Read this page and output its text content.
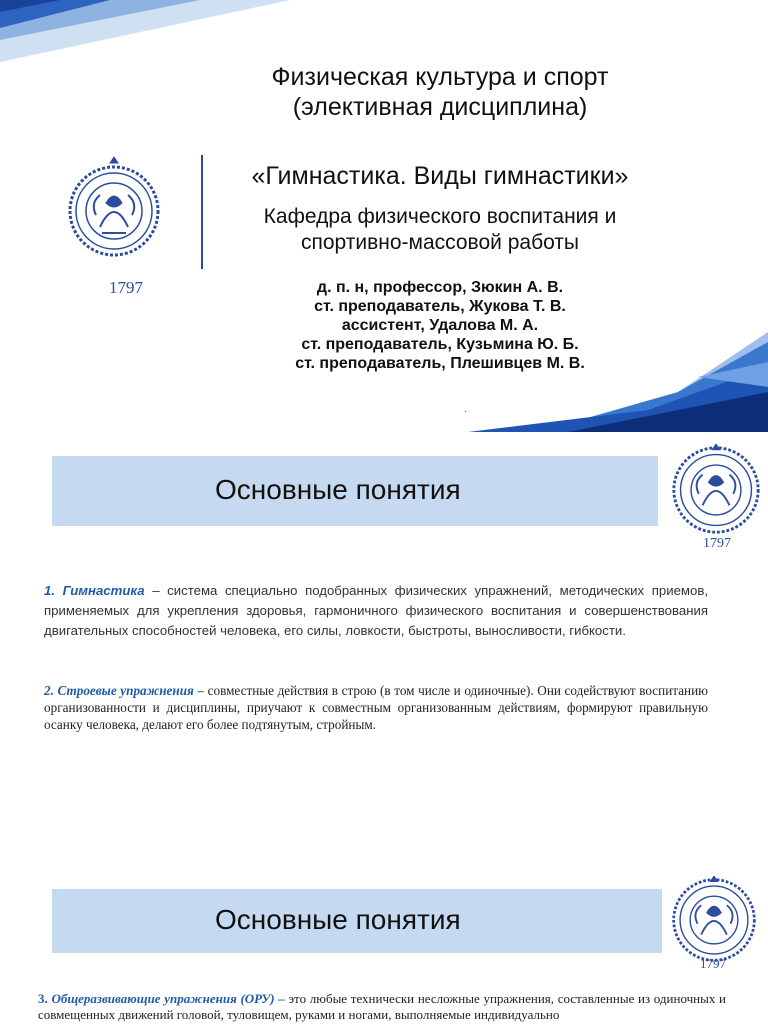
1797
Физическая культура и спорт
(элективная дисциплина)
«Гимнастика. Виды гимнастики»
Кафедра физического воспитания и
спортивно-массовой работы
д. п. н, профессор, Зюкин А. В.
ст. преподаватель, Жукова Т. В.
ассистент, Удалова М. А.
ст. преподаватель, Кузьмина Ю. Б.
ст. преподаватель, Плешивцев М. В.
.
Основные понятия
1797
1. Гимнастика – система специально подобранных физических упражнений, методических приемов, применяемых для укрепления здоровья, гармоничного физического воспитания и совершенствования двигательных способностей человека, его силы, ловкости, быстроты, выносливости, гибкости.
2. Строевые упражнения – совместные действия в строю (в том числе и одиночные). Они содействуют воспитанию организованности и дисциплины, приучают к совместным организованным действиям, формируют правильную осанку человека, делают его более подтянутым, стройным.
Основные понятия
1797
3. Общеразвивающие упражнения (ОРУ) – это любые технически несложные упражнения, составленные из одиночных и совмещенных движений головой, туловищем, руками и ногами, выполняемые индивидуально
